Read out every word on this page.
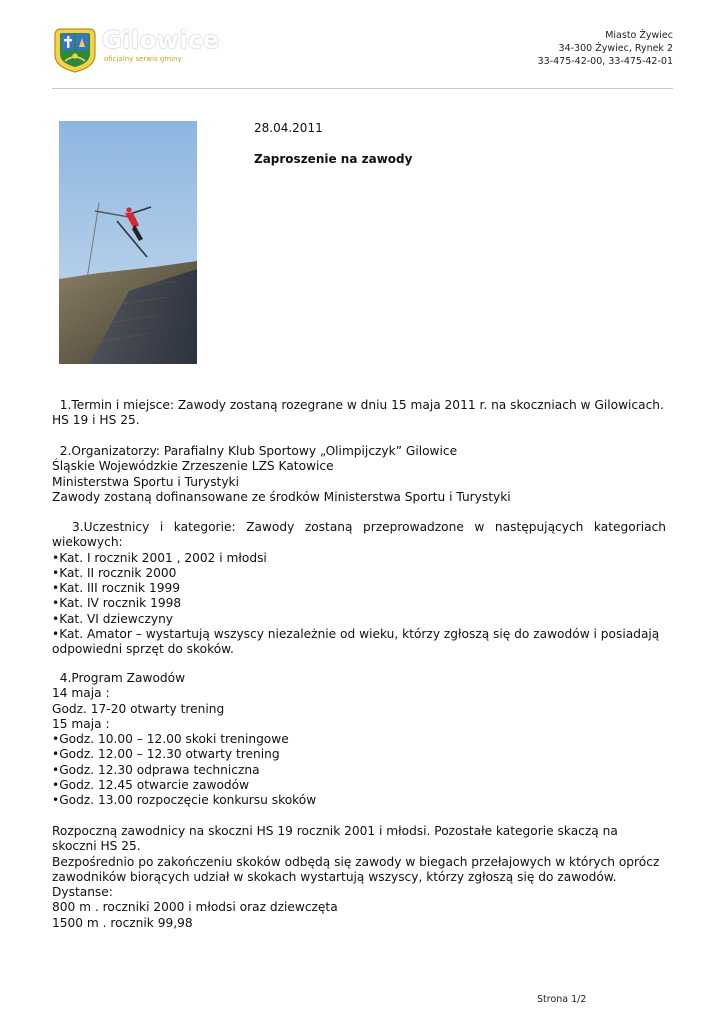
Gilowice
oficjalny serwis gminy
Miasto Żywiec
34-300 Żywiec, Rynek 2
33-475-42-00, 33-475-42-01
28.04.2011
Zaproszenie na zawody

1.Termin i miejsce: Zawody zostaną rozegrane w dniu 15 maja 2011 r. na skoczniach w Gilowicach.

HS 19 i HS 25.

2.Organizatorzy: Parafialny Klub Sportowy „Olimpijczyk” Gilowice

Śląskie Wojewódzkie Zrzeszenie LZS Katowice

Ministerstwa Sportu i Turystyki

Zawody zostaną dofinansowane ze środków Ministerstwa Sportu i Turystyki

3.Uczestnicy i kategorie: Zawody zostaną przeprowadzone w następujących kategoriach wiekowych:

•Kat. I rocznik 2001 , 2002 i młodsi

•Kat. II rocznik 2000

•Kat. III rocznik 1999

•Kat. IV rocznik 1998

•Kat. VI dziewczyny

•Kat. Amator – wystartują wszyscy niezależnie od wieku, którzy zgłoszą się do zawodów i posiadają odpowiedni sprzęt do skoków.

4.Program Zawodów

14 maja :

Godz. 17-20 otwarty trening

15 maja :

•Godz. 10.00 – 12.00 skoki treningowe

•Godz. 12.00 – 12.30 otwarty trening

•Godz. 12.30 odprawa techniczna

•Godz. 12.45 otwarcie zawodów

•Godz. 13.00 rozpoczęcie konkursu skoków

Rozpoczną zawodnicy na skoczni HS 19 rocznik 2001 i młodsi. Pozostałe kategorie skaczą na skoczni HS 25.

Bezpośrednio po zakończeniu skoków odbędą się zawody w biegach przełajowych w których oprócz zawodników biorących udział w skokach wystartują wszyscy, którzy zgłoszą się do zawodów.

Dystanse:

800 m . roczniki 2000 i młodsi oraz dziewczęta

1500 m . rocznik 99,98

Strona 1/2
